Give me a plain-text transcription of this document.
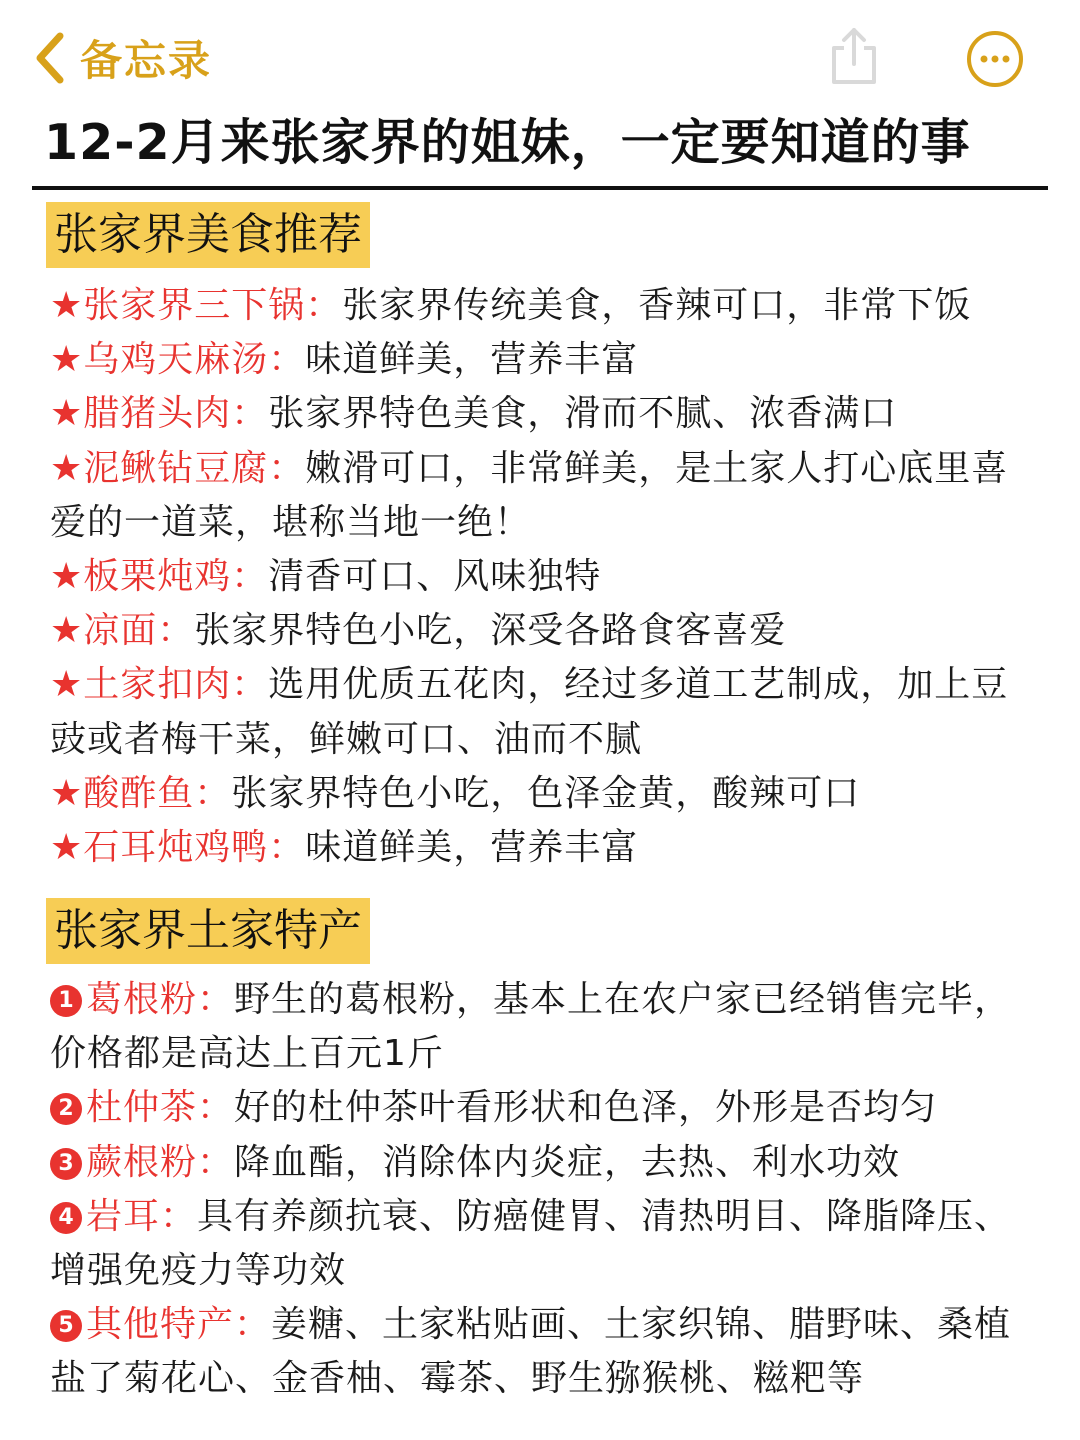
备忘录
12-2月来张家界的姐妹，一定要知道的事
张家界美食推荐

★张家界三下锅：张家界传统美食，香辣可口，非常下饭

★乌鸡天麻汤：味道鲜美，营养丰富

★腊猪头肉：张家界特色美食，滑而不腻、浓香满口

★泥鳅钻豆腐：嫩滑可口，非常鲜美，是土家人打心底里喜爱的一道菜，堪称当地一绝！

★板栗炖鸡：清香可口、风味独特

★凉面：张家界特色小吃，深受各路食客喜爱

★土家扣肉：选用优质五花肉，经过多道工艺制成，加上豆豉或者梅干菜，鲜嫩可口、油而不腻

★酸酢鱼：张家界特色小吃，色泽金黄，酸辣可口

★石耳炖鸡鸭：味道鲜美，营养丰富

张家界土家特产

1 葛根粉：野生的葛根粉，基本上在农户家已经销售完毕，价格都是高达上百元1斤

2 杜仲茶：好的杜仲茶叶看形状和色泽，外形是否均匀

3 蕨根粉：降血酯，消除体内炎症，去热、利水功效

4 岩耳：具有养颜抗衰、防癌健胃、清热明目、降脂降压、增强免疫力等功效

5 其他特产：姜糖、土家粘贴画、土家织锦、腊野味、桑植盐了菊花心、金香柚、霉茶、野生猕猴桃、糍粑等
